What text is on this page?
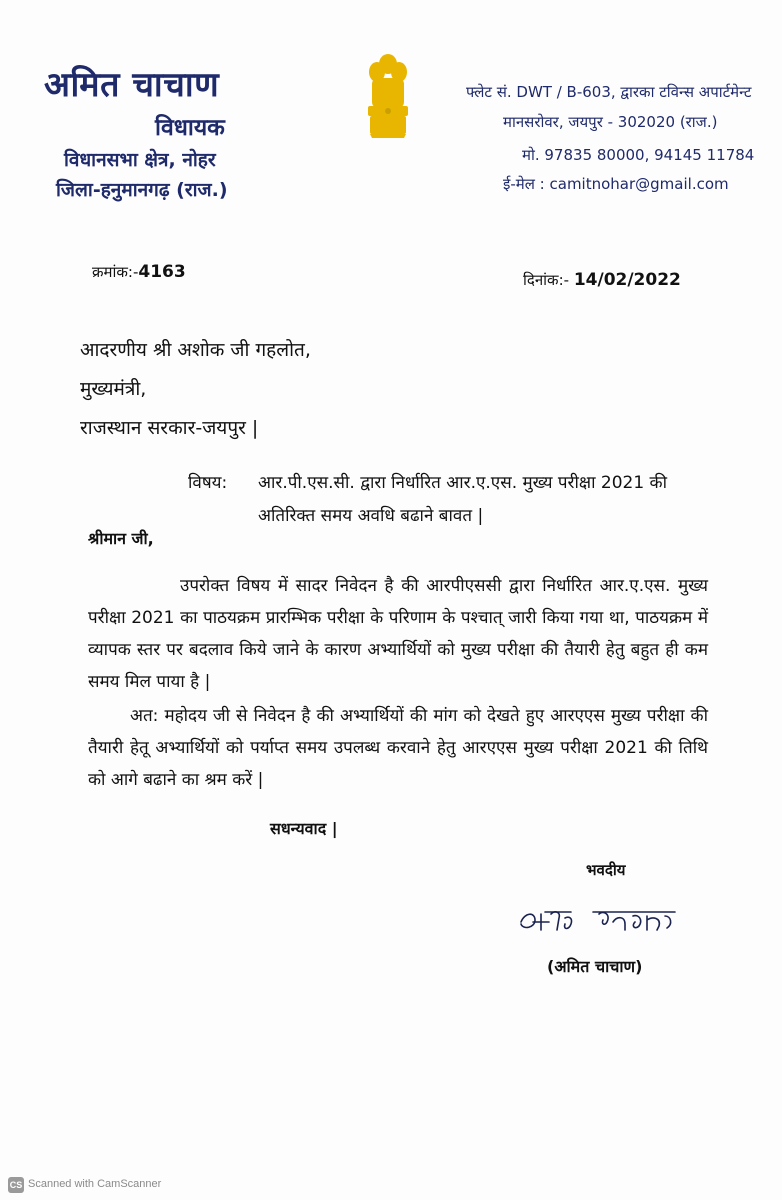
अमित चाचाण
विधायक
विधानसभा क्षेत्र, नोहर
जिला-हनुमानगढ़ (राज.)
फ्लेट सं. DWT / B-603, द्वारका टविन्स अपार्टमेन्ट
मानसरोवर, जयपुर - 302020 (राज.)
मो. 97835 80000, 94145 11784
ई-मेल : camitnohar@gmail.com
क्रमांक:-4163	दिनांक:- 14/02/2022
आदरणीय श्री अशोक जी गहलोत,
मुख्यमंत्री,
राजस्थान सरकार-जयपुर |
विषय: आर.पी.एस.सी. द्वारा निर्धारित आर.ए.एस. मुख्य परीक्षा 2021 की
अतिरिक्त समय अवधि बढाने बावत |
श्रीमान जी,
उपरोक्त विषय में सादर निवेदन है की आरपीएससी द्वारा निर्धारित आर.ए.एस. मुख्य परीक्षा 2021 का पाठयक्रम प्रारम्भिक परीक्षा के परिणाम के पश्चात् जारी किया गया था, पाठयक्रम में व्यापक स्तर पर बदलाव किये जाने के कारण अभ्यार्थियों को मुख्य परीक्षा की तैयारी हेतु बहुत ही कम समय मिल पाया है |
अत: महोदय जी से निवेदन है की अभ्यार्थियों की मांग को देखते हुए आरएएस मुख्य परीक्षा की तैयारी हेतू अभ्यार्थियों को पर्याप्त समय उपलब्ध करवाने हेतु आरएएस मुख्य परीक्षा 2021 की तिथि को आगे बढाने का श्रम करें |
सधन्यवाद |
भवदीय
(अमित चाचाण)
CS Scanned with CamScanner
